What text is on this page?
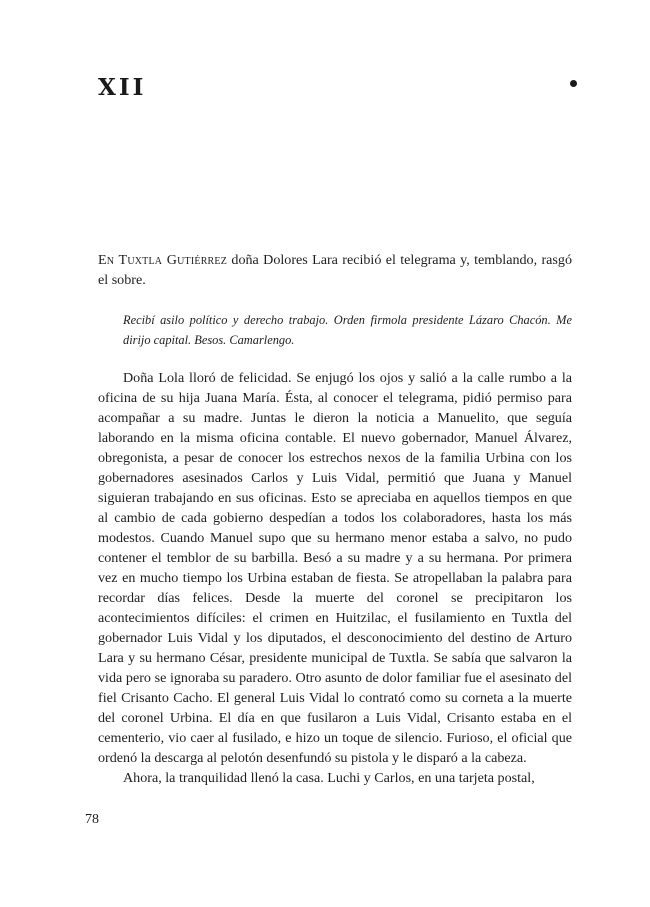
XII
En Tuxtla Gutiérrez doña Dolores Lara recibió el telegrama y, temblando, rasgó el sobre.
Recibí asilo político y derecho trabajo. Orden firmola presidente Lázaro Chacón. Me dirijo capital. Besos. Camarlengo.

Doña Lola lloró de felicidad. Se enjugó los ojos y salió a la calle rumbo a la oficina de su hija Juana María. Ésta, al conocer el telegrama, pidió permiso para acompañar a su madre. Juntas le dieron la noticia a Manuelito, que seguía laborando en la misma oficina contable. El nuevo gobernador, Manuel Álvarez, obregonista, a pesar de conocer los estrechos nexos de la familia Urbina con los gobernadores asesinados Carlos y Luis Vidal, permitió que Juana y Manuel siguieran trabajando en sus oficinas. Esto se apreciaba en aquellos tiempos en que al cambio de cada gobierno despedían a todos los colaboradores, hasta los más modestos. Cuando Manuel supo que su hermano menor estaba a salvo, no pudo contener el temblor de su barbilla. Besó a su madre y a su hermana. Por primera vez en mucho tiempo los Urbina estaban de fiesta. Se atropellaban la palabra para recordar días felices. Desde la muerte del coronel se precipitaron los acontecimientos difíciles: el crimen en Huitzilac, el fusilamiento en Tuxtla del gobernador Luis Vidal y los diputados, el desconocimiento del destino de Arturo Lara y su hermano César, presidente municipal de Tuxtla. Se sabía que salvaron la vida pero se ignoraba su paradero. Otro asunto de dolor familiar fue el asesinato del fiel Crisanto Cacho. El general Luis Vidal lo contrató como su corneta a la muerte del coronel Urbina. El día en que fusilaron a Luis Vidal, Crisanto estaba en el cementerio, vio caer al fusilado, e hizo un toque de silencio. Furioso, el oficial que ordenó la descarga al pelotón desenfundó su pistola y le disparó a la cabeza.

Ahora, la tranquilidad llenó la casa. Luchi y Carlos, en una tarjeta postal,

78
